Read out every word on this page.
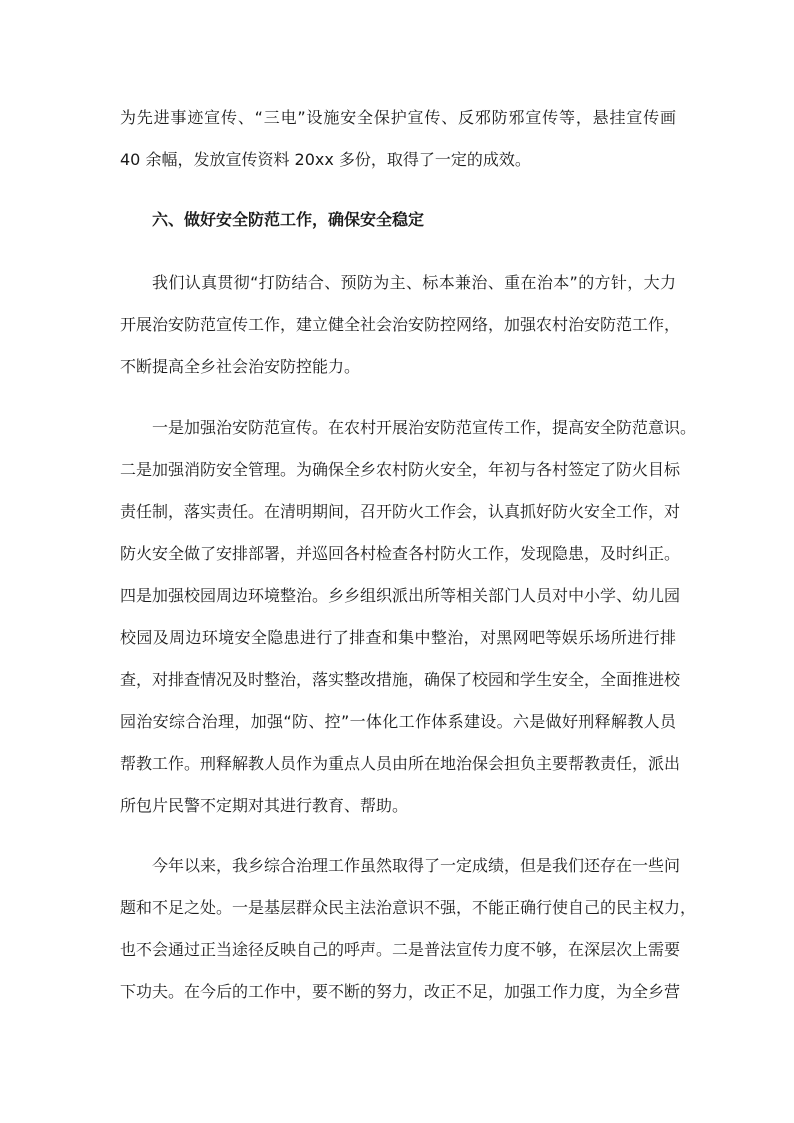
为先进事迹宣传、“三电”设施安全保护宣传、反邪防邪宣传等，悬挂宣传画
40 余幅，发放宣传资料 20xx 多份，取得了一定的成效。
六、做好安全防范工作，确保安全稳定
我们认真贯彻“打防结合、预防为主、标本兼治、重在治本”的方针，大力
开展治安防范宣传工作，建立健全社会治安防控网络，加强农村治安防范工作，
不断提高全乡社会治安防控能力。
一是加强治安防范宣传。在农村开展治安防范宣传工作，提高安全防范意识。
二是加强消防安全管理。为确保全乡农村防火安全，年初与各村签定了防火目标
责任制，落实责任。在清明期间，召开防火工作会，认真抓好防火安全工作，对
防火安全做了安排部署，并巡回各村检查各村防火工作，发现隐患，及时纠正。
四是加强校园周边环境整治。乡乡组织派出所等相关部门人员对中小学、幼儿园
校园及周边环境安全隐患进行了排查和集中整治，对黑网吧等娱乐场所进行排
查，对排查情况及时整治，落实整改措施，确保了校园和学生安全，全面推进校
园治安综合治理，加强“防、控”一体化工作体系建设。六是做好刑释解教人员
帮教工作。刑释解教人员作为重点人员由所在地治保会担负主要帮教责任，派出
所包片民警不定期对其进行教育、帮助。
今年以来，我乡综合治理工作虽然取得了一定成绩，但是我们还存在一些问
题和不足之处。一是基层群众民主法治意识不强，不能正确行使自己的民主权力，
也不会通过正当途径反映自己的呼声。二是普法宣传力度不够，在深层次上需要
下功夫。在今后的工作中，要不断的努力，改正不足，加强工作力度，为全乡营
